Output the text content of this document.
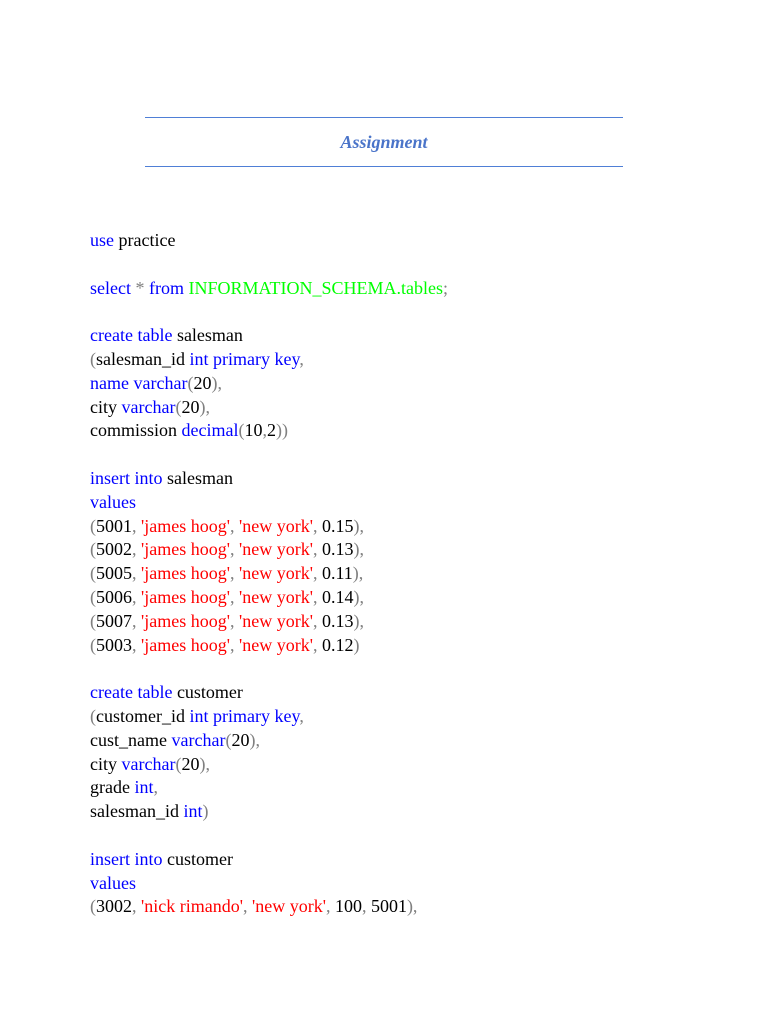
Assignment
use practice
select * from INFORMATION_SCHEMA.tables;
create table salesman
(salesman_id int primary key,
name varchar(20),
city varchar(20),
commission decimal(10,2))
insert into salesman
values
(5001, 'james hoog', 'new york', 0.15),
(5002, 'james hoog', 'new york', 0.13),
(5005, 'james hoog', 'new york', 0.11),
(5006, 'james hoog', 'new york', 0.14),
(5007, 'james hoog', 'new york', 0.13),
(5003, 'james hoog', 'new york', 0.12)
create table customer
(customer_id int primary key,
cust_name varchar(20),
city varchar(20),
grade int,
salesman_id int)
insert into customer
values
(3002, 'nick rimando', 'new york', 100, 5001),
